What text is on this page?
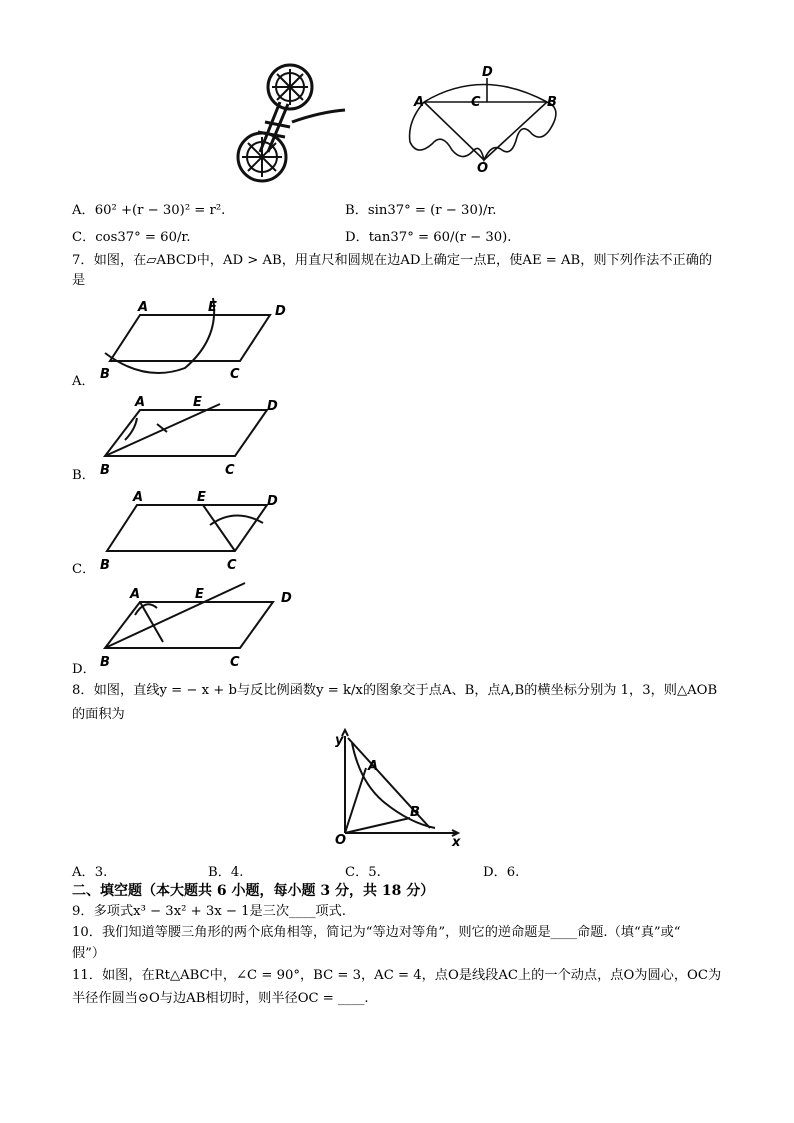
D
C
A	B
O
A．60² +(r − 30)² = r².	B．sin37° = (r − 30)/r.
C．cos37° = 60/r.	D．tan37° = 60/(r − 30).
7．如图，在▱ABCD中，AD > AB，用直尺和圆规在边AD上确定一点E，使AE = AB，则下列作法不正确的
是
A．
A	E	D
B	C
B．
A	E	D
B	C
C．
A	E	D
B	C
D．
A	E	D
B	C
8．如图，直线y = − x + b与反比例函数y = k/x的图象交于点A、B，点A,B的横坐标分别为 1，3，则△AOB
的面积为
y
x
O
A
B
A．3.	B．4.	C．5.	D．6.
二、填空题（本大题共 6 小题，每小题 3 分，共 18 分）
9．多项式x³ − 3x² + 3x − 1是三次____项式.
10．我们知道等腰三角形的两个底角相等，简记为“等边对等角”，则它的逆命题是____命题.（填“真”或“
假”）
11．如图，在Rt△ABC中，∠C = 90°，BC = 3，AC = 4，点O是线段AC上的一个动点，点O为圆心，OC为
半径作圆当⊙O与边AB相切时，则半径OC = ____.
